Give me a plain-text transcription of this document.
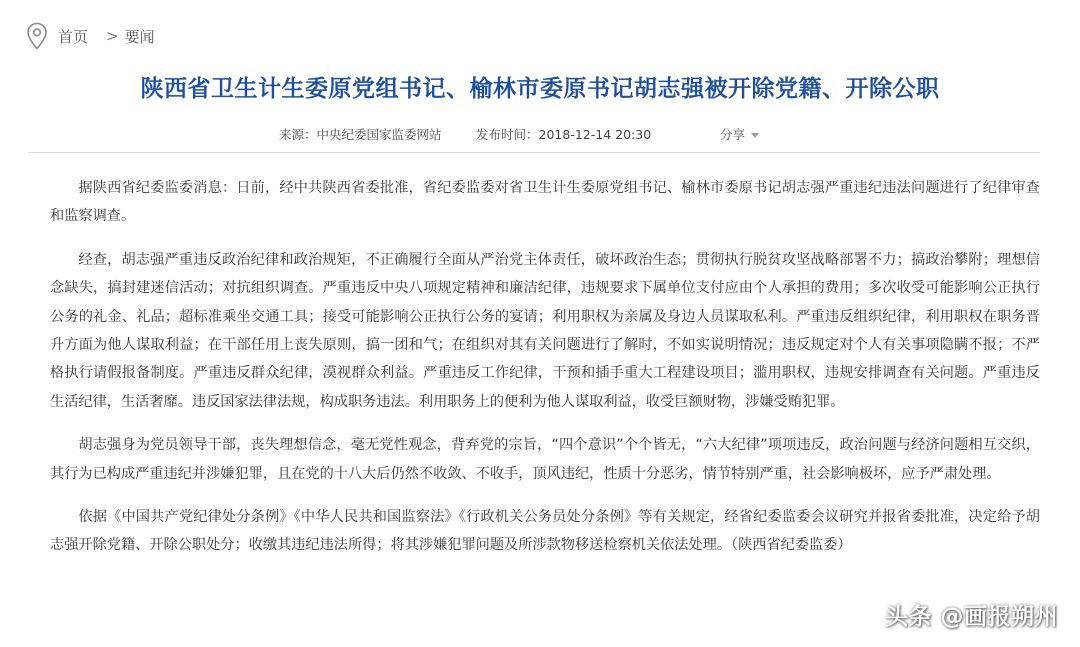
首页 > 要闻
陕西省卫生计生委原党组书记、榆林市委原书记胡志强被开除党籍、开除公职
来源：中央纪委国家监委网站	发布时间：2018-12-14 20:30	分享

据陕西省纪委监委消息：日前，经中共陕西省委批准，省纪委监委对省卫生计生委原党组书记、榆林市委原书记胡志强严重违纪违法问题进行了纪律审查和监察调查。

经查，胡志强严重违反政治纪律和政治规矩，不正确履行全面从严治党主体责任，破坏政治生态；贯彻执行脱贫攻坚战略部署不力；搞政治攀附；理想信念缺失，搞封建迷信活动；对抗组织调查。严重违反中央八项规定精神和廉洁纪律，违规要求下属单位支付应由个人承担的费用；多次收受可能影响公正执行公务的礼金、礼品；超标准乘坐交通工具；接受可能影响公正执行公务的宴请；利用职权为亲属及身边人员谋取私利。严重违反组织纪律，利用职权在职务晋升方面为他人谋取利益；在干部任用上丧失原则，搞一团和气；在组织对其有关问题进行了解时，不如实说明情况；违反规定对个人有关事项隐瞒不报；不严格执行请假报备制度。严重违反群众纪律，漠视群众利益。严重违反工作纪律，干预和插手重大工程建设项目；滥用职权，违规安排调查有关问题。严重违反生活纪律，生活奢靡。违反国家法律法规，构成职务违法。利用职务上的便利为他人谋取利益，收受巨额财物，涉嫌受贿犯罪。

胡志强身为党员领导干部，丧失理想信念，毫无党性观念，背弃党的宗旨，“四个意识”个个皆无，“六大纪律”项项违反，政治问题与经济问题相互交织，其行为已构成严重违纪并涉嫌犯罪，且在党的十八大后仍然不收敛、不收手，顶风违纪，性质十分恶劣，情节特别严重，社会影响极坏，应予严肃处理。

依据《中国共产党纪律处分条例》《中华人民共和国监察法》《行政机关公务员处分条例》等有关规定，经省纪委监委会议研究并报省委批准，决定给予胡志强开除党籍、开除公职处分；收缴其违纪违法所得；将其涉嫌犯罪问题及所涉款物移送检察机关依法处理。（陕西省纪委监委）

头条 @画报朔州
